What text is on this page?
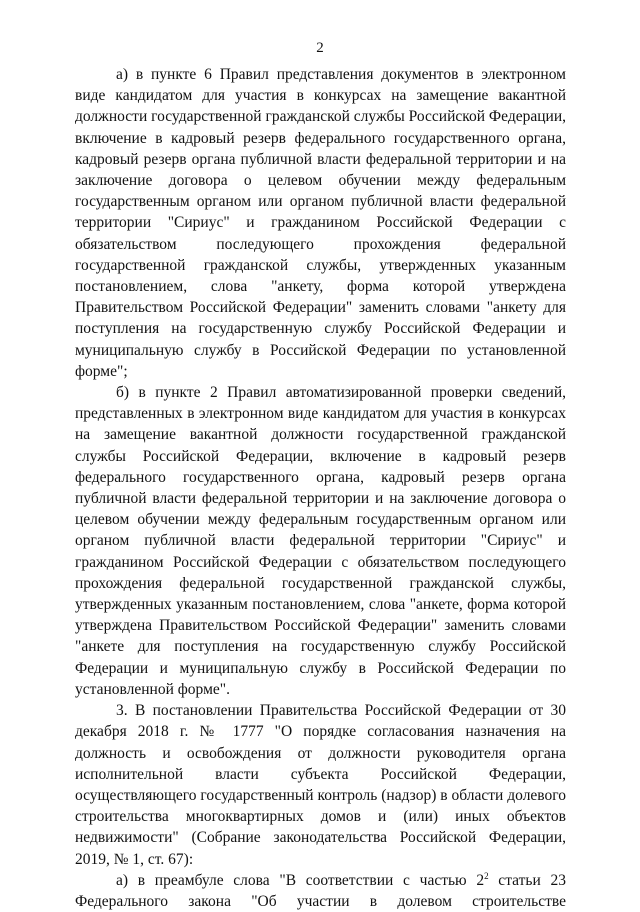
2

а) в пункте 6 Правил представления документов в электронном виде кандидатом для участия в конкурсах на замещение вакантной должности государственной гражданской службы Российской Федерации, включение в кадровый резерв федерального государственного органа, кадровый резерв органа публичной власти федеральной территории и на заключение договора о целевом обучении между федеральным государственным органом или органом публичной власти федеральной территории "Сириус" и гражданином Российской Федерации с обязательством последующего прохождения федеральной государственной гражданской службы, утвержденных указанным постановлением, слова "анкету, форма которой утверждена Правительством Российской Федерации" заменить словами "анкету для поступления на государственную службу Российской Федерации и муниципальную службу в Российской Федерации по установленной форме";

б) в пункте 2 Правил автоматизированной проверки сведений, представленных в электронном виде кандидатом для участия в конкурсах на замещение вакантной должности государственной гражданской службы Российской Федерации, включение в кадровый резерв федерального государственного органа, кадровый резерв органа публичной власти федеральной территории и на заключение договора о целевом обучении между федеральным государственным органом или органом публичной власти федеральной территории "Сириус" и гражданином Российской Федерации с обязательством последующего прохождения федеральной государственной гражданской службы, утвержденных указанным постановлением, слова "анкете, форма которой утверждена Правительством Российской Федерации" заменить словами "анкете для поступления на государственную службу Российской Федерации и муниципальную службу в Российской Федерации по установленной форме".

3. В постановлении Правительства Российской Федерации от 30 декабря 2018 г. № 1777 "О порядке согласования назначения на должность и освобождения от должности руководителя органа исполнительной власти субъекта Российской Федерации, осуществляющего государственный контроль (надзор) в области долевого строительства многоквартирных домов и (или) иных объектов недвижимости" (Собрание законодательства Российской Федерации, 2019, № 1, ст. 67):

а) в преамбуле слова "В соответствии с частью $2^2$ статьи 23 Федерального закона "Об участии в долевом строительстве
